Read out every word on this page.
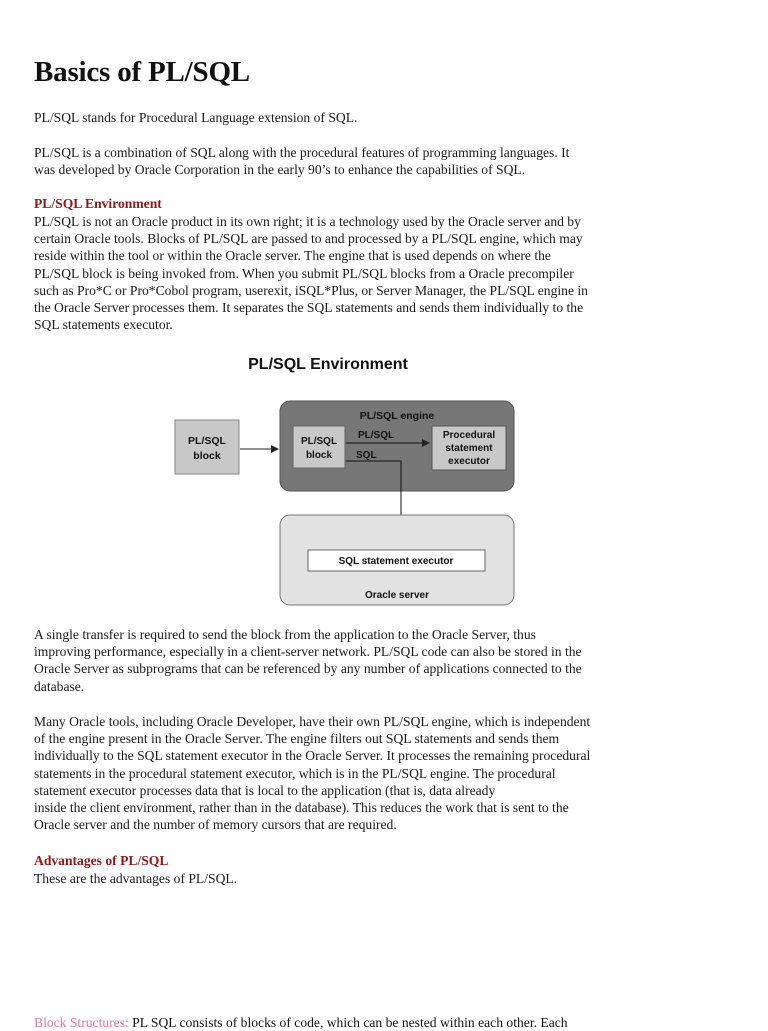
Basics of PL/SQL

PL/SQL stands for Procedural Language extension of SQL.

PL/SQL is a combination of SQL along with the procedural features of programming languages. It
was developed by Oracle Corporation in the early 90’s to enhance the capabilities of SQL.

PL/SQL Environment

PL/SQL is not an Oracle product in its own right; it is a technology used by the Oracle server and by
certain Oracle tools. Blocks of PL/SQL are passed to and processed by a PL/SQL engine, which may
reside within the tool or within the Oracle server. The engine that is used depends on where the
PL/SQL block is being invoked from. When you submit PL/SQL blocks from a Oracle precompiler
such as Pro*C or Pro*Cobol program, userexit, iSQL*Plus, or Server Manager, the PL/SQL engine in
the Oracle Server processes them. It separates the SQL statements and sends them individually to the
SQL statements executor.

A single transfer is required to send the block from the application to the Oracle Server, thus
improving performance, especially in a client-server network. PL/SQL code can also be stored in the
Oracle Server as subprograms that can be referenced by any number of applications connected to the
database.

Many Oracle tools, including Oracle Developer, have their own PL/SQL engine, which is independent
of the engine present in the Oracle Server. The engine filters out SQL statements and sends them
individually to the SQL statement executor in the Oracle Server. It processes the remaining procedural
statements in the procedural statement executor, which is in the PL/SQL engine. The procedural
statement executor processes data that is local to the application (that is, data already
inside the client environment, rather than in the database). This reduces the work that is sent to the
Oracle server and the number of memory cursors that are required.

Advantages of PL/SQL

These are the advantages of PL/SQL.

Block Structures: PL SQL consists of blocks of code, which can be nested within each other. Each

PL/SQL Environment
PL/SQL
block
PL/SQL engine
PL/SQL
block
PL/SQL
SQL
Procedural
statement
executor
SQL statement executor
Oracle server
